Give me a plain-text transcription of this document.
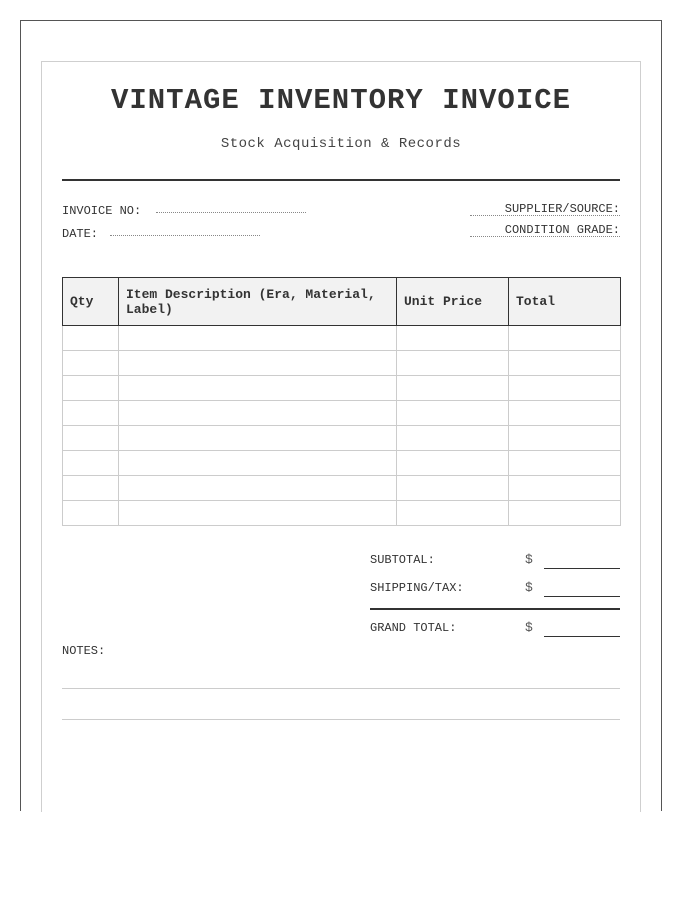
VINTAGE INVENTORY INVOICE
Stock Acquisition & Records
INVOICE NO:
DATE:
SUPPLIER/SOURCE:
CONDITION GRADE:
Qty	Item Description (Era, Material, Label)	Unit Price	Total

SUBTOTAL:	$
SHIPPING/TAX:	$
GRAND TOTAL:	$
NOTES:
